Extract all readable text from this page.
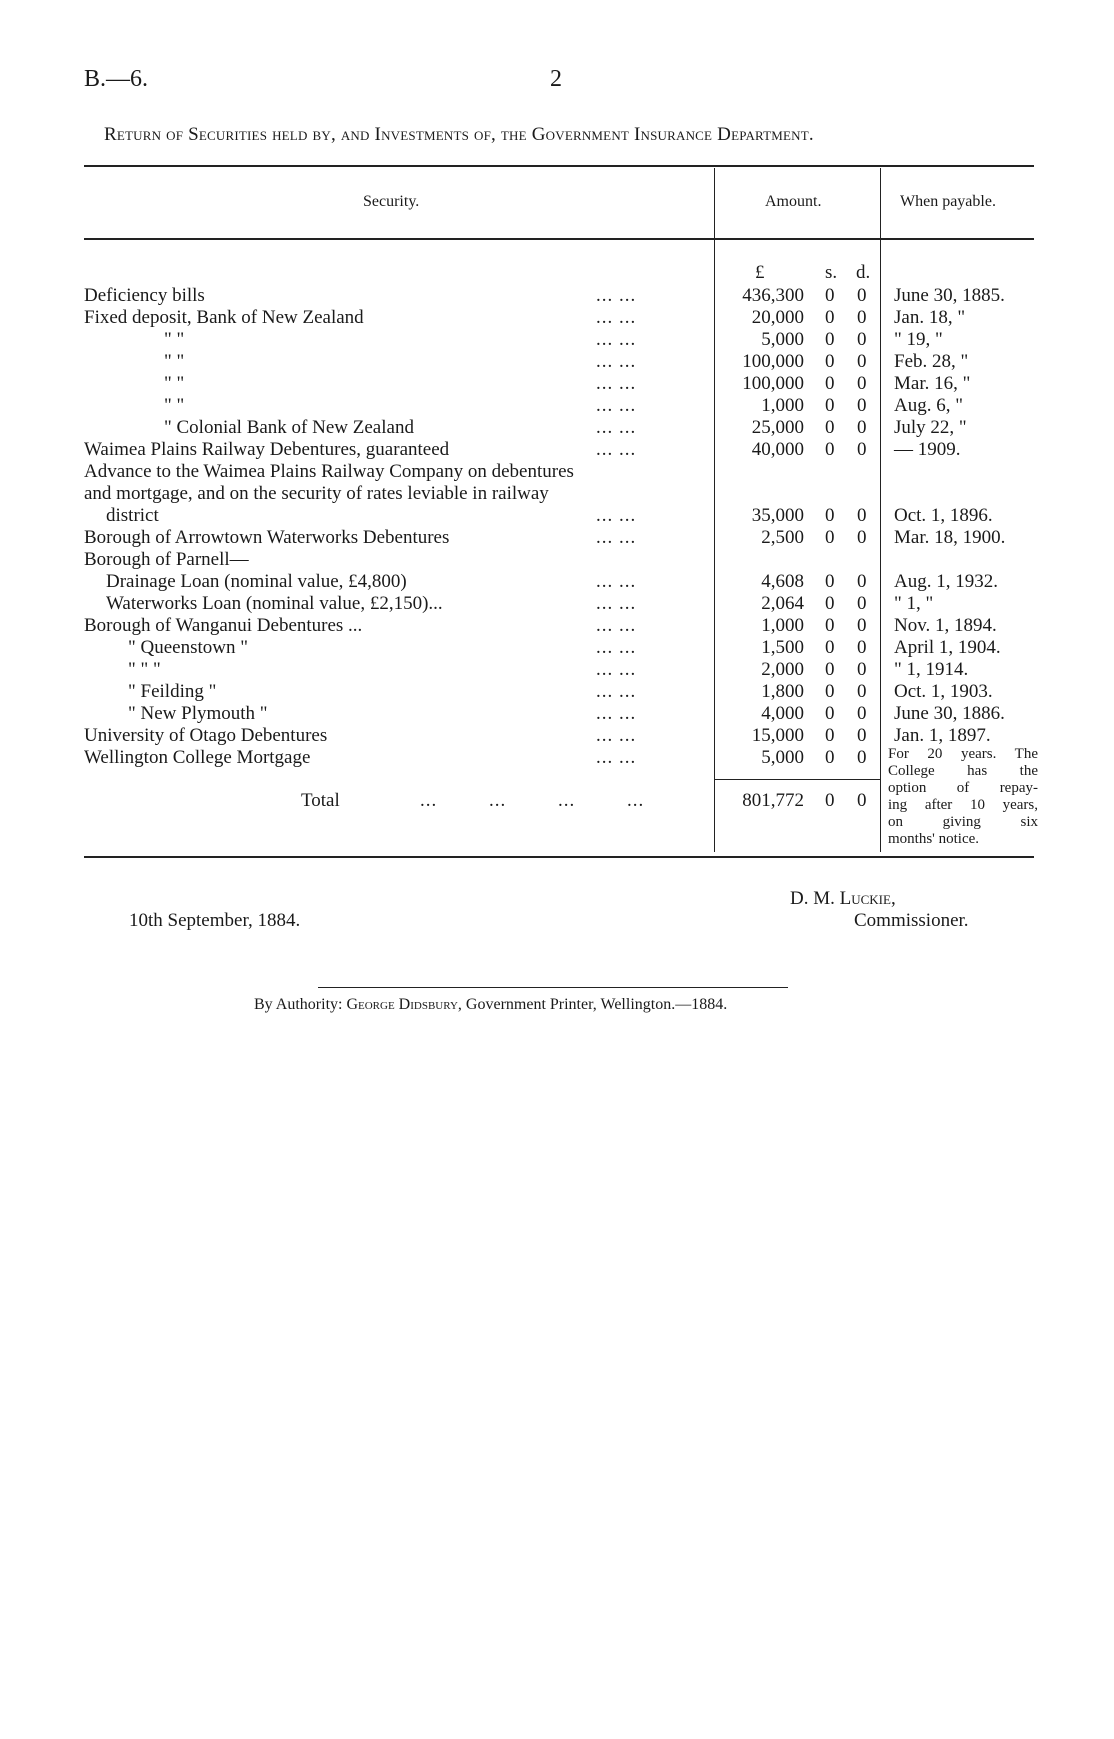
B.—6.	2
Return of Securities held by, and Investments of, the Government Insurance Department.
Security.	Amount.	When payable.
£	s. d.
Deficiency bills	... ...	436,300 0 0 June 30, 1885.
Fixed deposit, Bank of New Zealand	... ...	20,000 0 0 Jan. 18, "
" "	... ...	5,000 0 0 " 19, "
" "	... ...	100,000 0 0 Feb. 28, "
" "	... ...	100,000 0 0 Mar. 16, "
" "	... ...	1,000 0 0 Aug. 6, "
" Colonial Bank of New Zealand	... ...	25,000 0 0 July 22, "
Waimea Plains Railway Debentures, guaranteed	... ...	40,000 0 0 — 1909.
Advance to the Waimea Plains Railway Company on debentures
and mortgage, and on the security of rates leviable in railway
district	... ...	35,000 0 0 Oct. 1, 1896.
Borough of Arrowtown Waterworks Debentures	... ...	2,500 0 0 Mar. 18, 1900.
Borough of Parnell—
Drainage Loan (nominal value, £4,800)	... ...	4,608 0 0 Aug. 1, 1932.
Waterworks Loan (nominal value, £2,150)...	... ...	2,064 0 0 " 1, "
Borough of Wanganui Debentures ...	... ...	1,000 0 0 Nov. 1, 1894.
" Queenstown "	... ...	1,500 0 0 April 1, 1904.
" " "	... ...	2,000 0 0 " 1, 1914.
" Feilding "	... ...	1,800 0 0 Oct. 1, 1903.
" New Plymouth "	... ...	4,000 0 0 June 30, 1886.
University of Otago Debentures	... ...	15,000 0 0 Jan. 1, 1897.
Wellington College Mortgage	... ...	5,000 0 0 For 20 years. The
College has the
option of repay-
ing after 10 years,
on giving six
months' notice.
Total	...         ...         ...         ...	801,772 0 0
10th September, 1884.
D. M. Luckie,
Commissioner.
By Authority: George Didsbury, Government Printer, Wellington.—1884.
